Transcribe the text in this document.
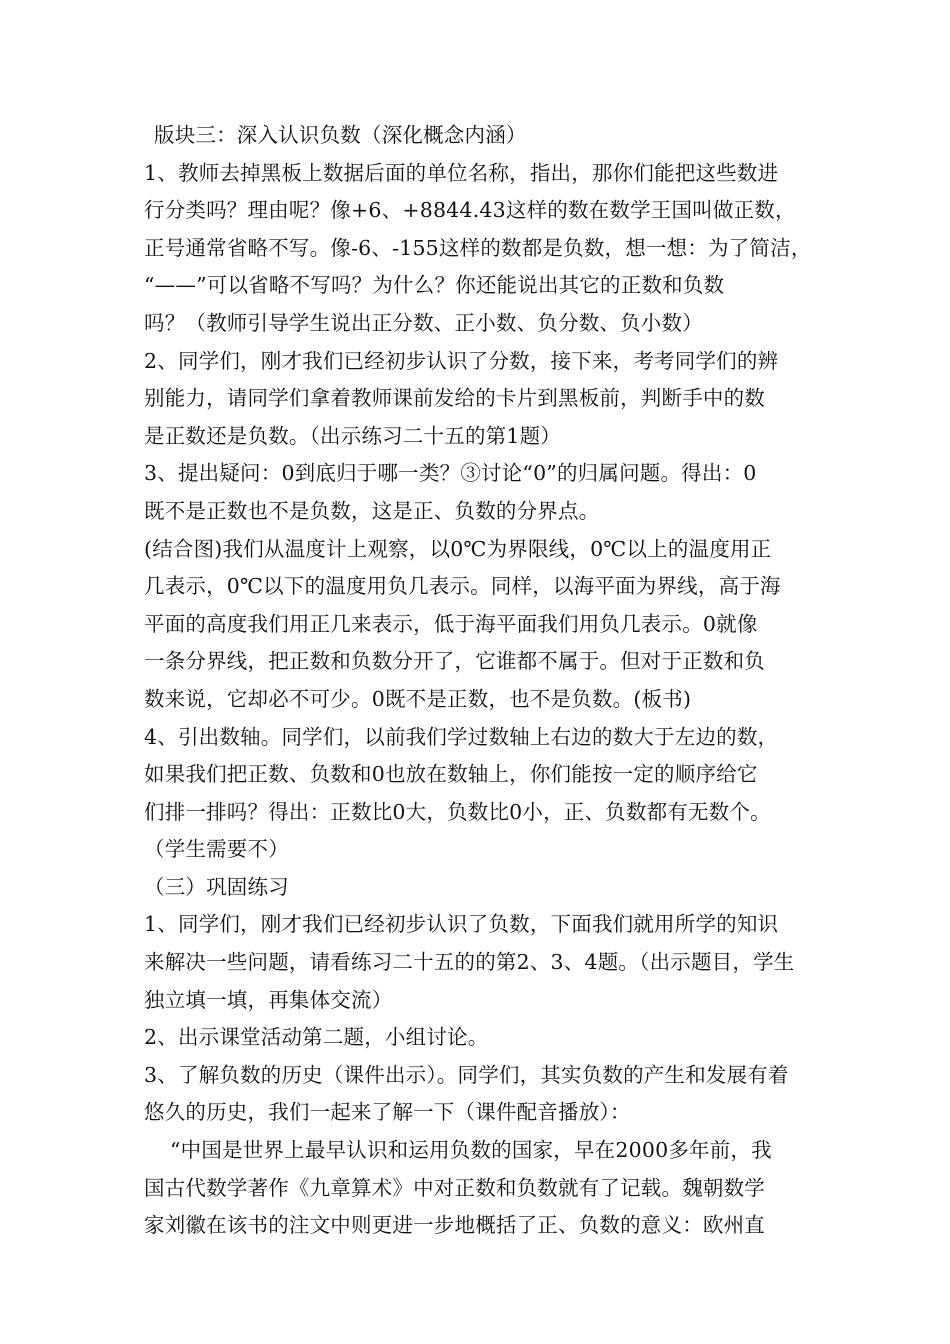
版块三：深入认识负数（深化概念内涵）
1、教师去掉黑板上数据后面的单位名称，指出，那你们能把这些数进
行分类吗？理由呢？像+6、+8844.43这样的数在数学王国叫做正数，
正号通常省略不写。像-6、-155这样的数都是负数，想一想：为了简洁，
“——”可以省略不写吗？为什么？你还能说出其它的正数和负数
吗？（教师引导学生说出正分数、正小数、负分数、负小数）
2、同学们，刚才我们已经初步认识了分数，接下来，考考同学们的辨
别能力，请同学们拿着教师课前发给的卡片到黑板前，判断手中的数
是正数还是负数。（出示练习二十五的第1题）
3、提出疑问：0到底归于哪一类？③讨论“0”的归属问题。得出：0
既不是正数也不是负数，这是正、负数的分界点。
(结合图)我们从温度计上观察，以0℃为界限线，0℃以上的温度用正
几表示，0℃以下的温度用负几表示。同样，以海平面为界线，高于海
平面的高度我们用正几来表示，低于海平面我们用负几表示。0就像
一条分界线，把正数和负数分开了，它谁都不属于。但对于正数和负
数来说，它却必不可少。0既不是正数，也不是负数。(板书)
4、引出数轴。同学们，以前我们学过数轴上右边的数大于左边的数，
如果我们把正数、负数和0也放在数轴上，你们能按一定的顺序给它
们排一排吗？得出：正数比0大，负数比0小，正、负数都有无数个。
（学生需要不）
（三）巩固练习
1、同学们，刚才我们已经初步认识了负数，下面我们就用所学的知识
来解决一些问题，请看练习二十五的的第2、3、4题。（出示题目，学生
独立填一填，再集体交流）
2、出示课堂活动第二题，小组讨论。
3、了解负数的历史（课件出示）。同学们，其实负数的产生和发展有着
悠久的历史，我们一起来了解一下（课件配音播放）：
“中国是世界上最早认识和运用负数的国家，早在2000多年前，我
国古代数学著作《九章算术》中对正数和负数就有了记载。魏朝数学
家刘徽在该书的注文中则更进一步地概括了正、负数的意义：欧州直
